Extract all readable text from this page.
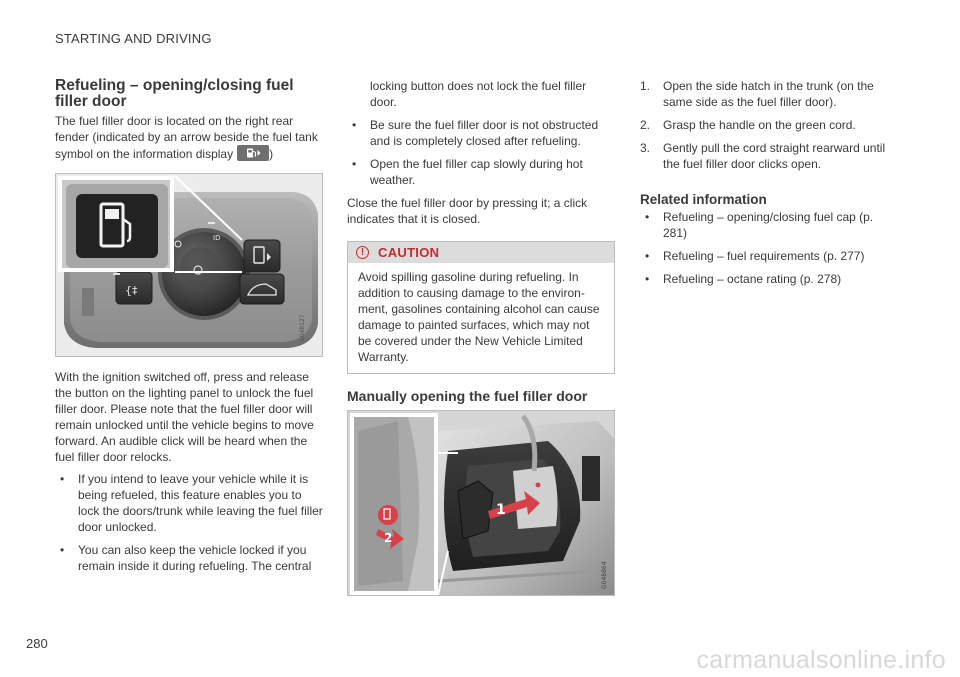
STARTING AND DRIVING
Refueling – opening/closing fuel filler door

The fuel filler door is located on the right rear fender (indicated by an arrow beside the fuel tank symbol on the information display	)

ID
{‡
G048127

With the ignition switched off, press and release the button on the lighting panel to unlock the fuel filler door. Please note that the fuel filler door will remain unlocked until the vehicle begins to move forward. An audible click will be heard when the fuel filler door relocks.

• If you intend to leave your vehicle while it is being refueled, this feature enables you to lock the doors/trunk while leaving the fuel filler door unlocked.
• You can also keep the vehicle locked if you remain inside it during refueling. The central
locking button does not lock the fuel filler door.
• Be sure the fuel filler door is not obstructed and is completely closed after refueling.
• Open the fuel filler cap slowly during hot weather.

Close the fuel filler door by pressing it; a click indicates that it is closed.

!	CAUTION
Avoid spilling gasoline during refueling. In addition to causing damage to the environ-ment, gasolines containing alcohol can cause damage to painted surfaces, which may not be covered under the New Vehicle Limited Warranty.
Manually opening the fuel filler door
1
2
G048864
1. Open the side hatch in the trunk (on the same side as the fuel filler door).
2. Grasp the handle on the green cord.
3. Gently pull the cord straight rearward until the fuel filler door clicks open.
Related information
• Refueling – opening/closing fuel cap (p. 281)
• Refueling – fuel requirements (p. 277)
• Refueling – octane rating (p. 278)
280
carmanualsonline.info
